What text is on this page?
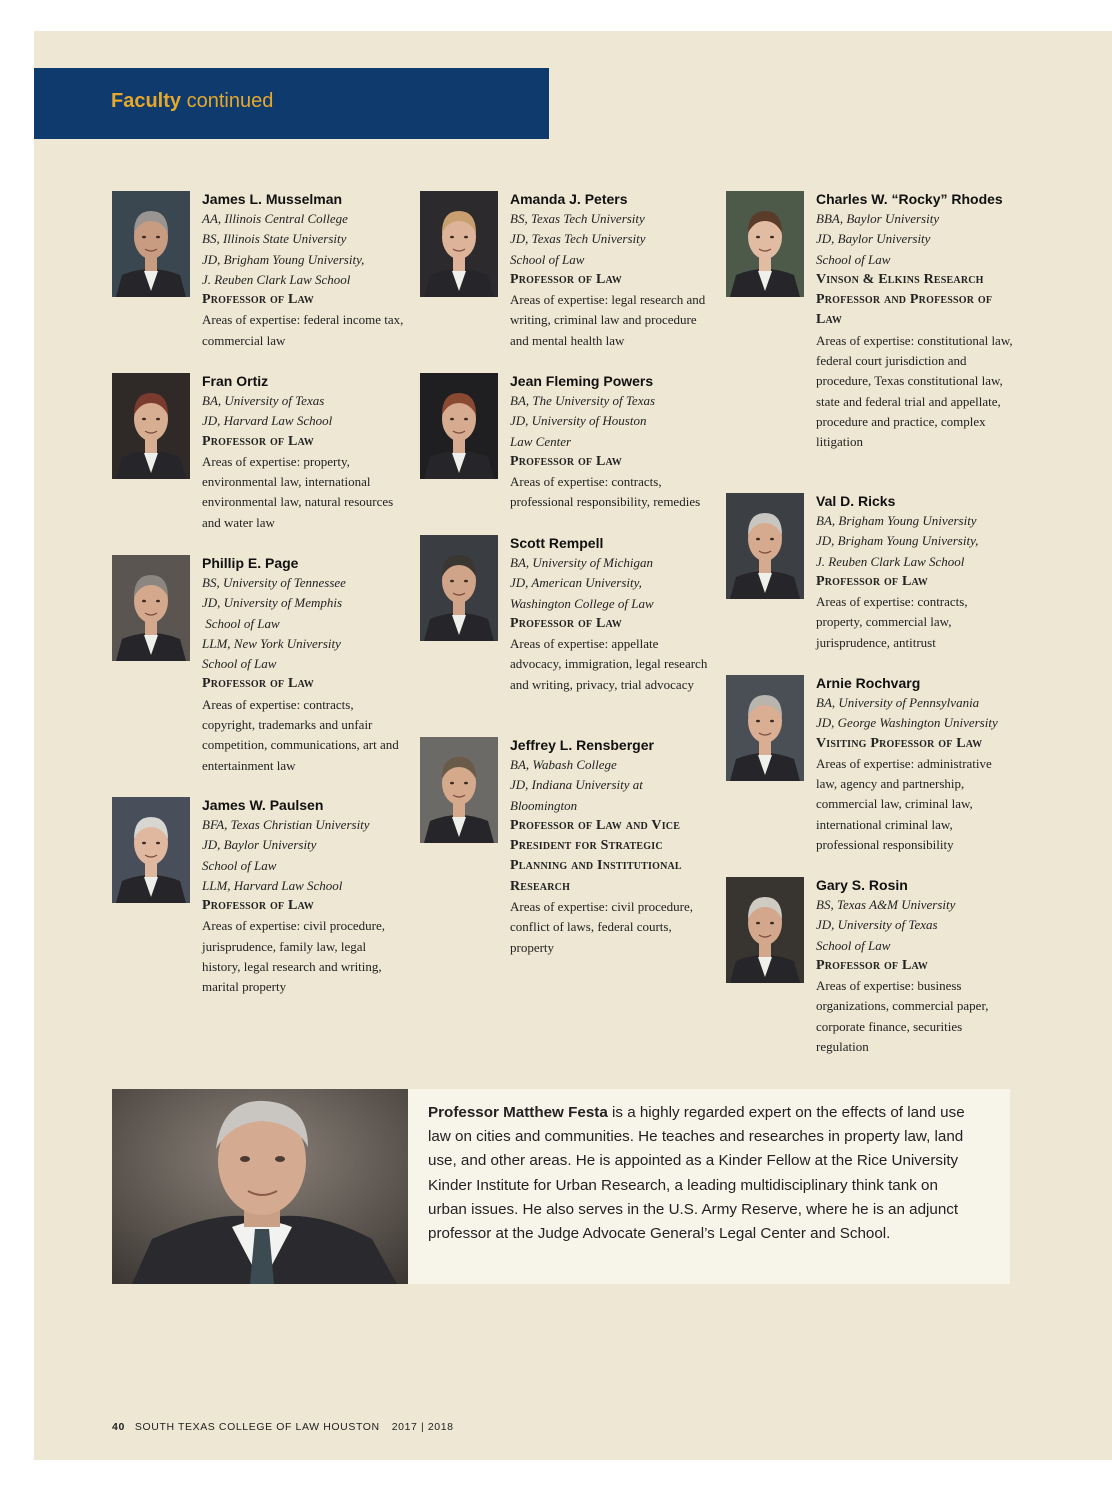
Faculty continued
James L. Musselman
AA, Illinois Central College
BS, Illinois State University
JD, Brigham Young University,
J. Reuben Clark Law School
Professor of Law
Areas of expertise: federal income tax, commercial law
Fran Ortiz
BA, University of Texas
JD, Harvard Law School
Professor of Law
Areas of expertise: property, environmental law, international environmental law, natural resources and water law
Phillip E. Page
BS, University of Tennessee
JD, University of Memphis
School of Law
LLM, New York University
School of Law
Professor of Law
Areas of expertise: contracts, copyright, trademarks and unfair competition, communications, art and entertainment law
James W. Paulsen
BFA, Texas Christian University
JD, Baylor University
School of Law
LLM, Harvard Law School
Professor of Law
Areas of expertise: civil procedure, jurisprudence, family law, legal history, legal research and writing, marital property
Amanda J. Peters
BS, Texas Tech University
JD, Texas Tech University
School of Law
Professor of Law
Areas of expertise: legal research and writing, criminal law and procedure and mental health law
Jean Fleming Powers
BA, The University of Texas
JD, University of Houston
Law Center
Professor of Law
Areas of expertise: contracts, professional responsibility, remedies
Scott Rempell
BA, University of Michigan
JD, American University,
Washington College of Law
Professor of Law
Areas of expertise: appellate advocacy, immigration, legal research and writing, privacy, trial advocacy
Jeffrey L. Rensberger
BA, Wabash College
JD, Indiana University at
Bloomington
Professor of Law and Vice President for Strategic Planning and Institutional Research
Areas of expertise: civil procedure, conflict of laws, federal courts, property
Charles W. “Rocky” Rhodes
BBA, Baylor University
JD, Baylor University
School of Law
Vinson & Elkins Research Professor and Professor of Law
Areas of expertise: constitutional law, federal court jurisdiction and procedure, Texas constitutional law, state and federal trial and appellate, procedure and practice, complex litigation
Val D. Ricks
BA, Brigham Young University
JD, Brigham Young University,
J. Reuben Clark Law School
Professor of Law
Areas of expertise: contracts, property, commercial law, jurisprudence, antitrust
Arnie Rochvarg
BA, University of Pennsylvania
JD, George Washington University
Visiting Professor of Law
Areas of expertise: administrative law, agency and partnership, commercial law, criminal law, international criminal law, professional responsibility
Gary S. Rosin
BS, Texas A&M University
JD, University of Texas
School of Law
Professor of Law
Areas of expertise: business organizations, commercial paper, corporate finance, securities regulation
Professor Matthew Festa is a highly regarded expert on the effects of land use law on cities and communities. He teaches and researches in property law, land use, and other areas. He is appointed as a Kinder Fellow at the Rice University Kinder Institute for Urban Research, a leading multidisciplinary think tank on urban issues. He also serves in the U.S. Army Reserve, where he is an adjunct professor at the Judge Advocate General’s Legal Center and School.
40 SOUTH TEXAS COLLEGE OF LAW HOUSTON 2017 | 2018
